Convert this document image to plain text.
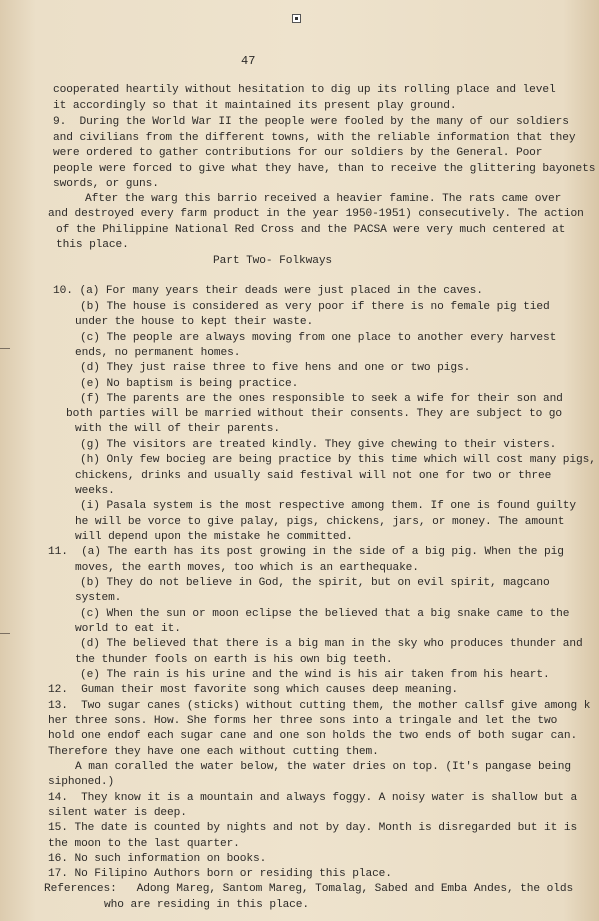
47
cooperated heartily without hesitation to dig up its rolling place and level
it accordingly so that it maintained its present play ground.
9.  During the World War II the people were fooled by the many of our soldiers
and civilians from the different towns, with the reliable information that they
were ordered to gather contributions for our soldiers by the General. Poor
people were forced to give what they have, than to receive the glittering bayonets
swords, or guns.
After the warg this barrio received a heavier famine. The rats came over
and destroyed every farm product in the year 1950-1951) consecutively. The action
of the Philippine National Red Cross and the PACSA were very much centered at
this place.
Part Two- Folkways
10. (a) For many years their deads were just placed in the caves.
(b) The house is considered as very poor if there is no female pig tied
under the house to kept their waste.
(c) The people are always moving from one place to another every harvest
ends, no permanent homes.
(d) They just raise three to five hens and one or two pigs.
(e) No baptism is being practice.
(f) The parents are the ones responsible to seek a wife for their son and
both parties will be married without their consents. They are subject to go
with the will of their parents.
(g) The visitors are treated kindly. They give chewing to their visters.
(h) Only few bocieg are being practice by this time which will cost many pigs,
chickens, drinks and usually said festival will not one for two or three
weeks.
(i) Pasala system is the most respective among them. If one is found guilty
he will be vorce to give palay, pigs, chickens, jars, or money. The amount
will depend upon the mistake he committed.
11.  (a) The earth has its post growing in the side of a big pig. When the pig
moves, the earth moves, too which is an earthequake.
(b) They do not believe in God, the spirit, but on evil spirit, magcano
system.
(c) When the sun or moon eclipse the believed that a big snake came to the
world to eat it.
(d) The believed that there is a big man in the sky who produces thunder and
the thunder fools on earth is his own big teeth.
(e) The rain is his urine and the wind is his air taken from his heart.
12.  Guman their most favorite song which causes deep meaning.
13.  Two sugar canes (sticks) without cutting them, the mother callsf give among k
her three sons. How. She forms her three sons into a tringale and let the two
hold one endof each sugar cane and one son holds the two ends of both sugar can.
Therefore they have one each without cutting them.
A man coralled the water below, the water dries on top. (It's pangase being
siphoned.)
14.  They know it is a mountain and always foggy. A noisy water is shallow but a
silent water is deep.
15. The date is counted by nights and not by day. Month is disregarded but it is
the moon to the last quarter.
16. No such information on books.
17. No Filipino Authors born or residing this place.
References:   Adong Mareg, Santom Mareg, Tomalag, Sabed and Emba Andes, the olds
who are residing in this place.
